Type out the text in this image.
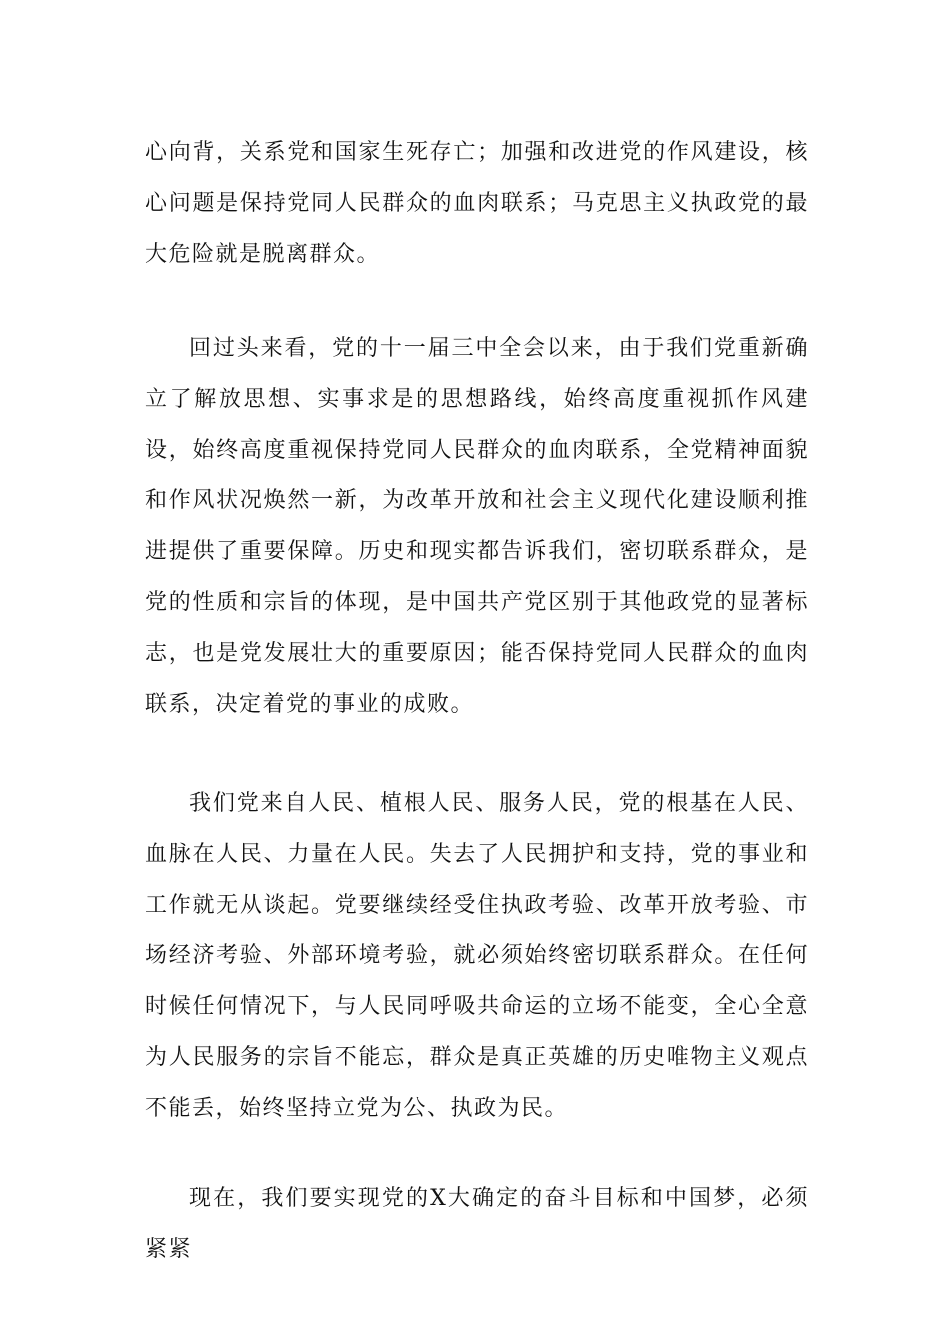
心向背，关系党和国家生死存亡；加强和改进党的作风建设，核心问题是保持党同人民群众的血肉联系；马克思主义执政党的最大危险就是脱离群众。

回过头来看，党的十一届三中全会以来，由于我们党重新确立了解放思想、实事求是的思想路线，始终高度重视抓作风建设，始终高度重视保持党同人民群众的血肉联系，全党精神面貌和作风状况焕然一新，为改革开放和社会主义现代化建设顺利推进提供了重要保障。历史和现实都告诉我们，密切联系群众，是党的性质和宗旨的体现，是中国共产党区别于其他政党的显著标志，也是党发展壮大的重要原因；能否保持党同人民群众的血肉联系，决定着党的事业的成败。

我们党来自人民、植根人民、服务人民，党的根基在人民、血脉在人民、力量在人民。失去了人民拥护和支持，党的事业和工作就无从谈起。党要继续经受住执政考验、改革开放考验、市场经济考验、外部环境考验，就必须始终密切联系群众。在任何时候任何情况下，与人民同呼吸共命运的立场不能变，全心全意为人民服务的宗旨不能忘，群众是真正英雄的历史唯物主义观点不能丢，始终坚持立党为公、执政为民。

现在，我们要实现党的X大确定的奋斗目标和中国梦，必须紧紧
